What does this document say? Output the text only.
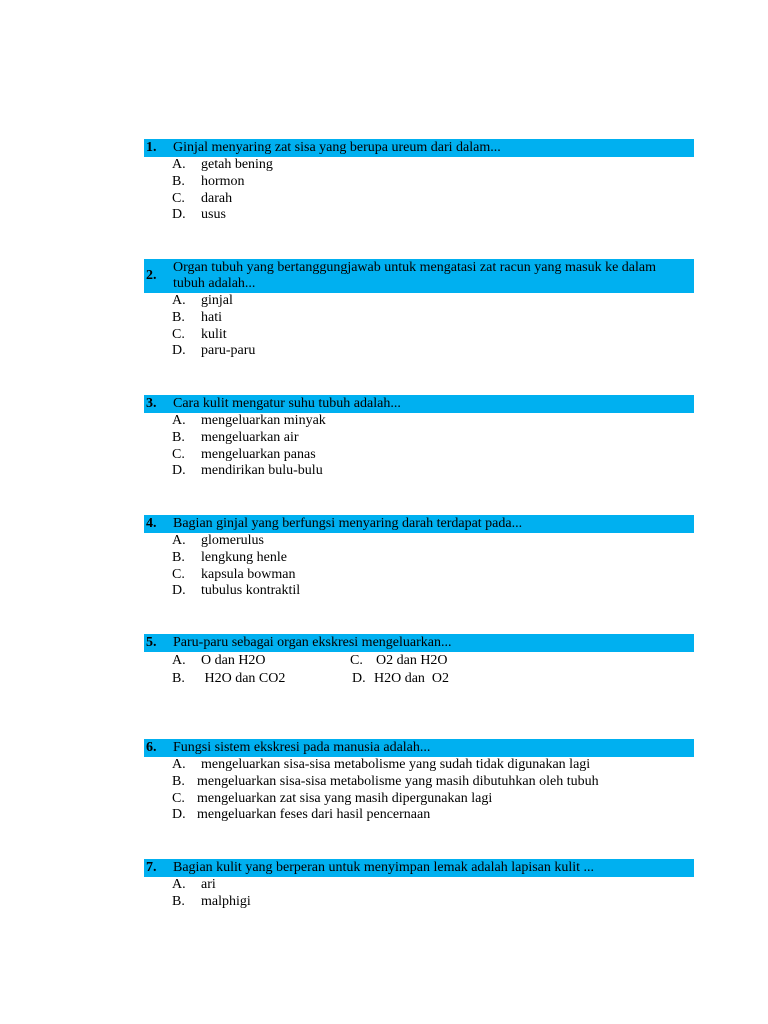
1.	Ginjal menyaring zat sisa yang berupa ureum dari dalam...
A.	getah bening
B.	hormon
C.	darah
D.	usus
2.
Organ tubuh yang bertanggungjawab untuk mengatasi zat racun yang masuk ke dalam tubuh adalah...
A.	ginjal
B.	hati
C.	kulit
D.	paru-paru
3.	Cara kulit mengatur suhu tubuh adalah...
A.	mengeluarkan minyak
B.	mengeluarkan air
C.	mengeluarkan panas
D.	mendirikan bulu-bulu
4.	Bagian ginjal yang berfungsi menyaring darah terdapat pada...
A.	glomerulus
B.	lengkung henle
C.	kapsula bowman
D.	tubulus kontraktil
5.	Paru-paru sebagai organ ekskresi mengeluarkan...
A.	O dan H2O	C. O2 dan H2O
B.	H2O dan CO2	D. H2O dan  O2
6.	Fungsi sistem ekskresi pada manusia adalah...
A.	mengeluarkan sisa-sisa metabolisme yang sudah tidak digunakan lagi
B. mengeluarkan sisa-sisa metabolisme yang masih dibutuhkan oleh tubuh
C. mengeluarkan zat sisa yang masih dipergunakan lagi
D. mengeluarkan feses dari hasil pencernaan
7.	Bagian kulit yang berperan untuk menyimpan lemak adalah lapisan kulit ...
A.	ari
B.	malphigi
